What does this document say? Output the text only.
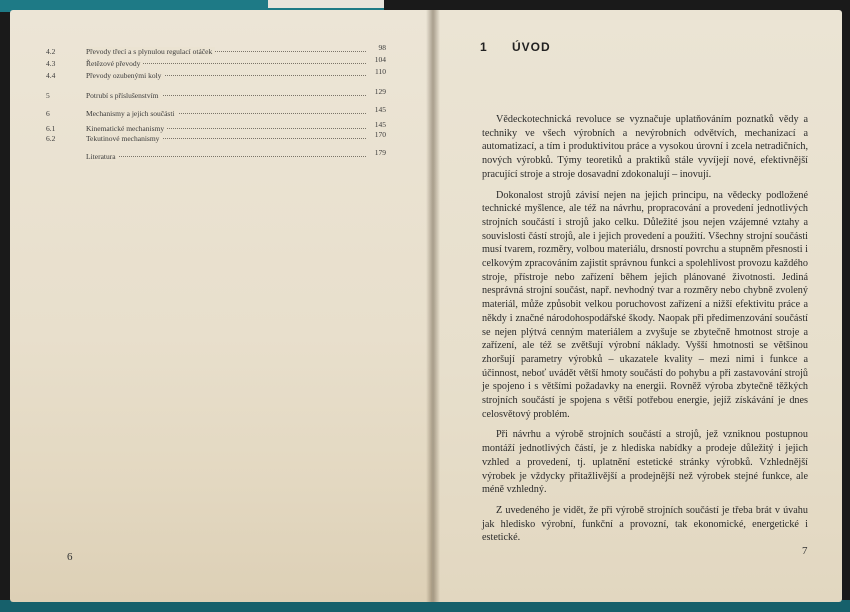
4.2	Převody třecí a s plynulou regulací otáček	98
4.3	Řetězové převody	104
4.4	Převody ozubenými koly	110
5	Potrubí s příslušenstvím	129
6	Mechanismy a jejich součásti	145
6.1	Kinematické mechanismy	145
6.2	Tekutinové mechanismy	170
Literatura	179
6	7
1 ÚVOD

Vědeckotechnická revoluce se vyznačuje uplatňováním poznatků vědy a techniky ve všech výrobních a nevýrobních odvětvích, mechanizací a automatizací, a tím i produktivitou práce a vysokou úrovní i zcela netradičních, nových výrobků. Týmy teoretiků a praktiků stále vyvíjejí nové, efektivnější pracující stroje a stroje dosavadní zdokonalují – inovují.

Dokonalost strojů závisí nejen na jejich principu, na vědecky podložené technické myšlence, ale též na návrhu, propracování a provedení jednotlivých strojních součástí i strojů jako celku. Důležité jsou nejen vzájemné vztahy a souvislosti částí strojů, ale i jejich provedení a použití. Všechny strojní součásti musí tvarem, rozměry, volbou materiálu, drsností povrchu a stupněm přesnosti i celkovým zpracováním zajistit správnou funkci a spolehlivost provozu každého stroje, přístroje nebo zařízení během jejich plánované životnosti. Jediná nesprávná strojní součást, např. nevhodný tvar a rozměry nebo chybně zvolený materiál, může způsobit velkou poruchovost zařízení a nižší efektivitu práce a někdy i značné národohospodářské škody. Naopak při předimenzování součástí se nejen plýtvá cenným materiálem a zvyšuje se zbytečně hmotnost stroje a zařízení, ale též se zvětšují výrobní náklady. Vyšší hmotnosti se většinou zhoršují parametry výrobků – ukazatele kvality – mezi nimi i funkce a účinnost, neboť uvádět větší hmoty součástí do pohybu a při zastavování strojů je spojeno i s většími požadavky na energii. Rovněž výroba zbytečně těžkých strojních součástí je spojena s větší potřebou energie, jejíž získávání je dnes celosvětový problém.

Při návrhu a výrobě strojních součástí a strojů, jež vzniknou postupnou montáží jednotlivých částí, je z hlediska nabídky a prodeje důležitý i jejich vzhled a provedení, tj. uplatnění estetické stránky výrobků. Vzhlednější výrobek je vždycky přitažlivější a prodejnější než výrobek stejné funkce, ale méně vzhledný.

Z uvedeného je vidět, že při výrobě strojních součástí je třeba brát v úvahu jak hledisko výrobní, funkční a provozní, tak ekonomické, energetické i estetické.
